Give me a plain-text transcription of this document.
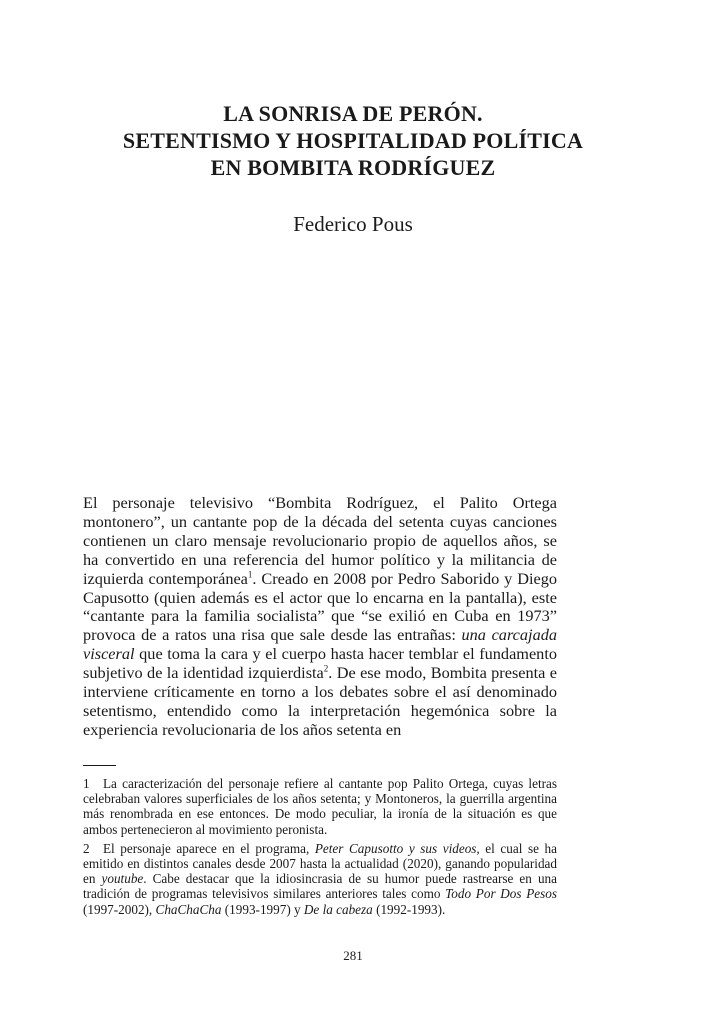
LA SONRISA DE PERÓN.
SETENTISMO Y HOSPITALIDAD POLÍTICA
EN BOMBITA RODRÍGUEZ

Federico Pous

El personaje televisivo “Bombita Rodríguez, el Palito Ortega montonero”, un cantante pop de la década del setenta cuyas canciones contienen un claro mensaje revolucionario propio de aquellos años, se ha convertido en una referencia del humor político y la militancia de izquierda contemporánea$^1$. Creado en 2008 por Pedro Saborido y Diego Capusotto (quien además es el actor que lo encarna en la pantalla), este “cantante para la familia socialista” que “se exilió en Cuba en 1973” provoca de a ratos una risa que sale desde las entrañas: una carcajada visceral que toma la cara y el cuerpo hasta hacer temblar el fundamento subjetivo de la identidad izquierdista$^2$. De ese modo, Bombita presenta e interviene críticamente en torno a los debates sobre el así denominado setentismo, entendido como la interpretación hegemónica sobre la experiencia revolucionaria de los años setenta en

1 La caracterización del personaje refiere al cantante pop Palito Ortega, cuyas letras celebraban valores superficiales de los años setenta; y Montoneros, la guerrilla argentina más renombrada en ese entonces. De modo peculiar, la ironía de la situación es que ambos pertenecieron al movimiento peronista.

2 El personaje aparece en el programa, Peter Capusotto y sus videos, el cual se ha emitido en distintos canales desde 2007 hasta la actualidad (2020), ganando popularidad en youtube. Cabe destacar que la idiosincrasia de su humor puede rastrearse en una tradición de programas televisivos similares anteriores tales como Todo Por Dos Pesos (1997-2002), ChaChaCha (1993-1997) y De la cabeza (1992-1993).

281
